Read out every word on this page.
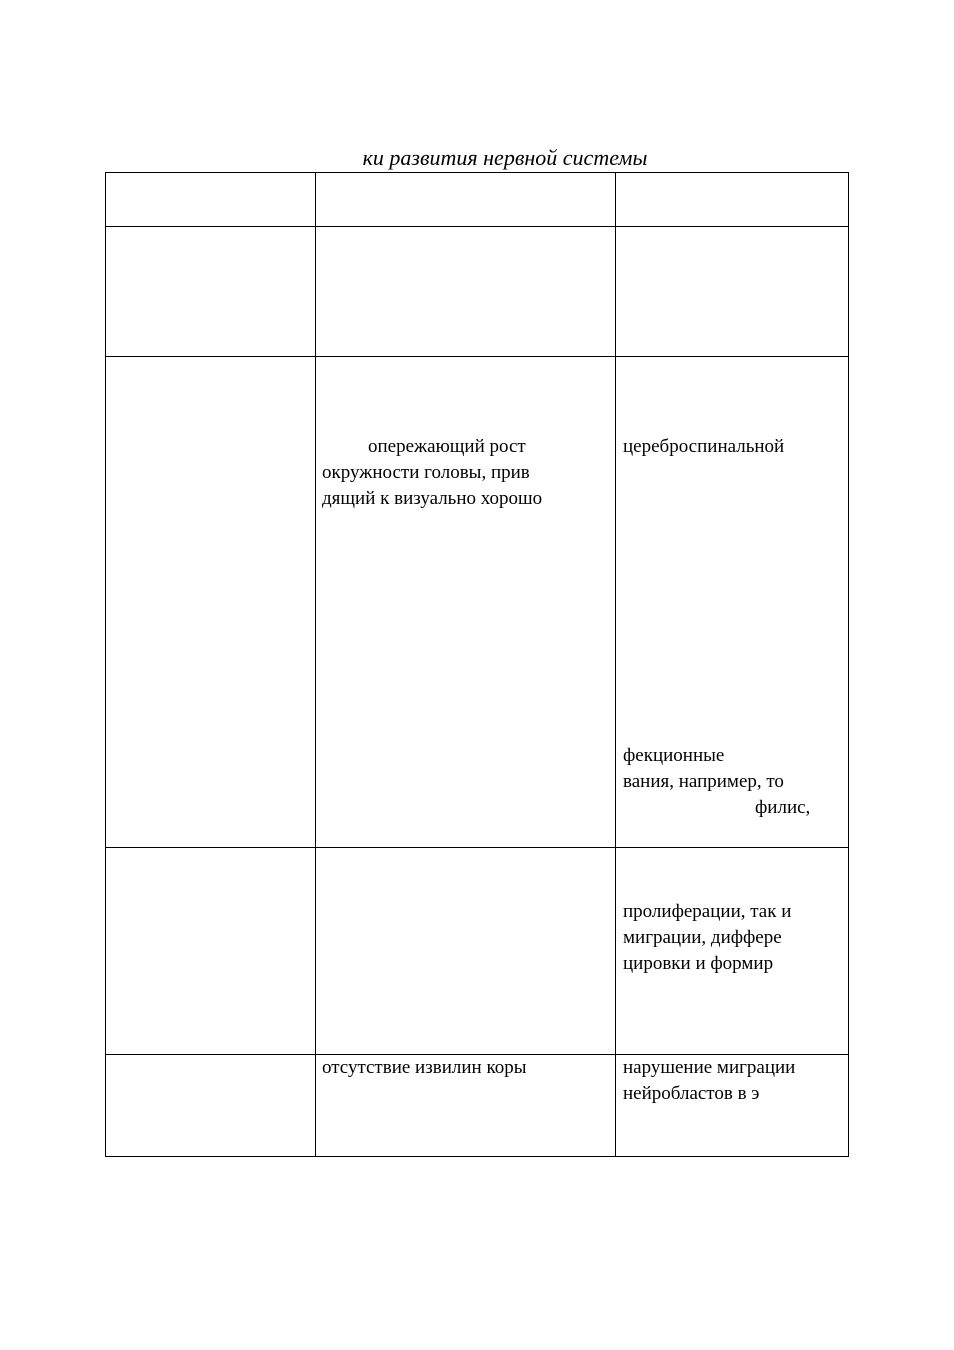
ки развития нервной системы
опережающий рост
окружности головы, прив
дящий к визуально хорошо
цереброспинальной
фекционные
вания, например, то
филис,
пролиферации, так и
миграции, диффере
цировки и формир
отсутствие извилин коры	нарушение миграции
нейробластов в э
